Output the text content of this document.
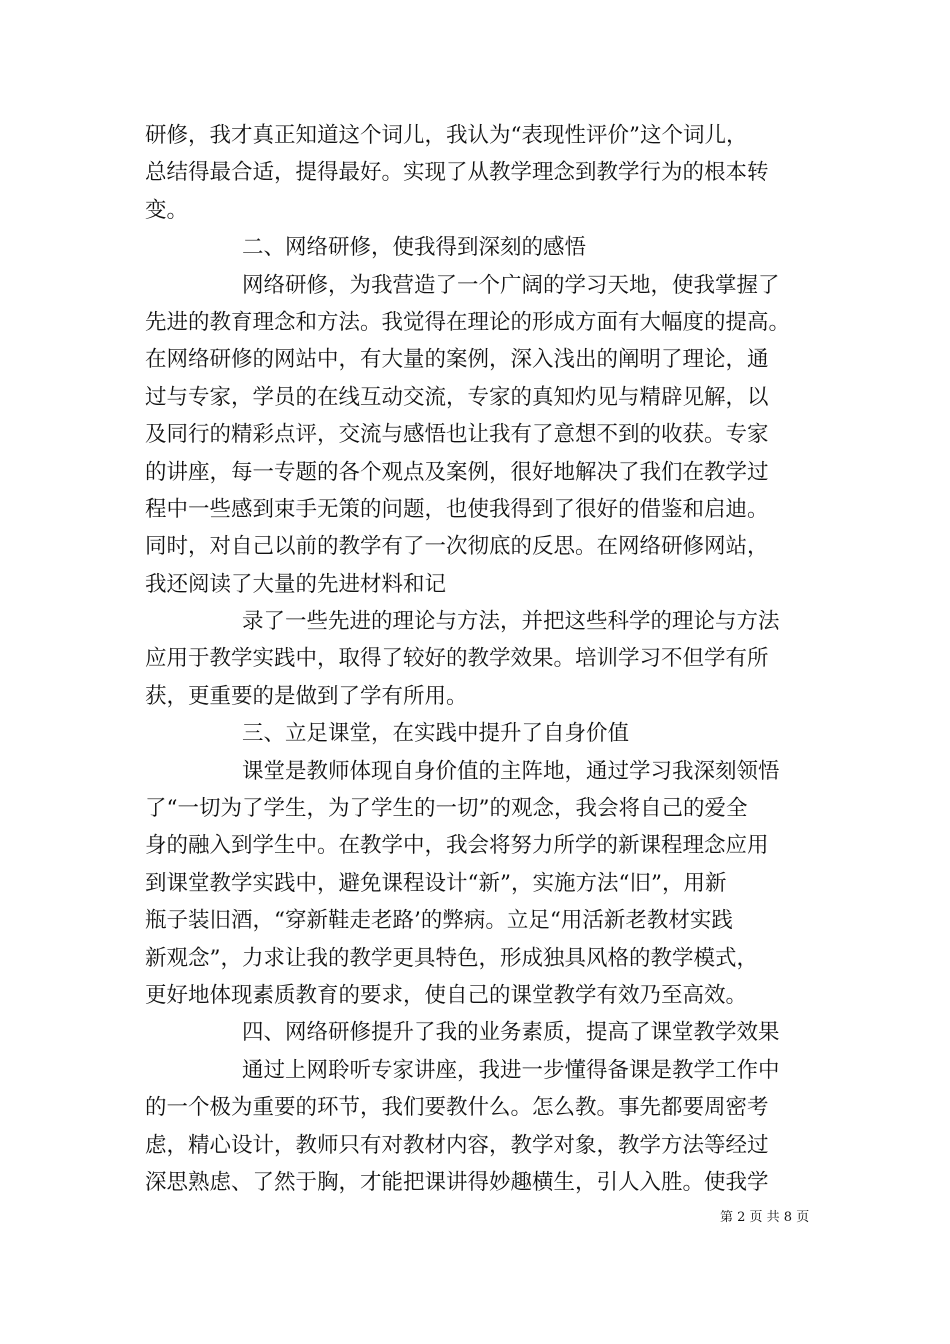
研修，我才真正知道这个词儿，我认为“表现性评价”这个词儿，
总结得最合适，提得最好。实现了从教学理念到教学行为的根本转
变。
二、网络研修，使我得到深刻的感悟
网络研修，为我营造了一个广阔的学习天地，使我掌握了
先进的教育理念和方法。我觉得在理论的形成方面有大幅度的提高。
在网络研修的网站中，有大量的案例，深入浅出的阐明了理论，通
过与专家，学员的在线互动交流，专家的真知灼见与精辟见解，以
及同行的精彩点评，交流与感悟也让我有了意想不到的收获。专家
的讲座，每一专题的各个观点及案例，很好地解决了我们在教学过
程中一些感到束手无策的问题，也使我得到了很好的借鉴和启迪。
同时，对自己以前的教学有了一次彻底的反思。在网络研修网站，
我还阅读了大量的先进材料和记
录了一些先进的理论与方法，并把这些科学的理论与方法
应用于教学实践中，取得了较好的教学效果。培训学习不但学有所
获，更重要的是做到了学有所用。
三、立足课堂，在实践中提升了自身价值
课堂是教师体现自身价值的主阵地，通过学习我深刻领悟
了“一切为了学生，为了学生的一切”的观念，我会将自己的爱全
身的融入到学生中。在教学中，我会将努力所学的新课程理念应用
到课堂教学实践中，避免课程设计“新”，实施方法“旧”，用新
瓶子装旧酒，“穿新鞋走老路’的弊病。立足“用活新老教材实践
新观念”，力求让我的教学更具特色，形成独具风格的教学模式，
更好地体现素质教育的要求，使自己的课堂教学有效乃至高效。
四、网络研修提升了我的业务素质，提高了课堂教学效果
通过上网聆听专家讲座，我进一步懂得备课是教学工作中
的一个极为重要的环节，我们要教什么。怎么教。事先都要周密考
虑，精心设计，教师只有对教材内容，教学对象，教学方法等经过
深思熟虑、了然于胸，才能把课讲得妙趣横生，引人入胜。使我学
第 2 页 共 8 页
